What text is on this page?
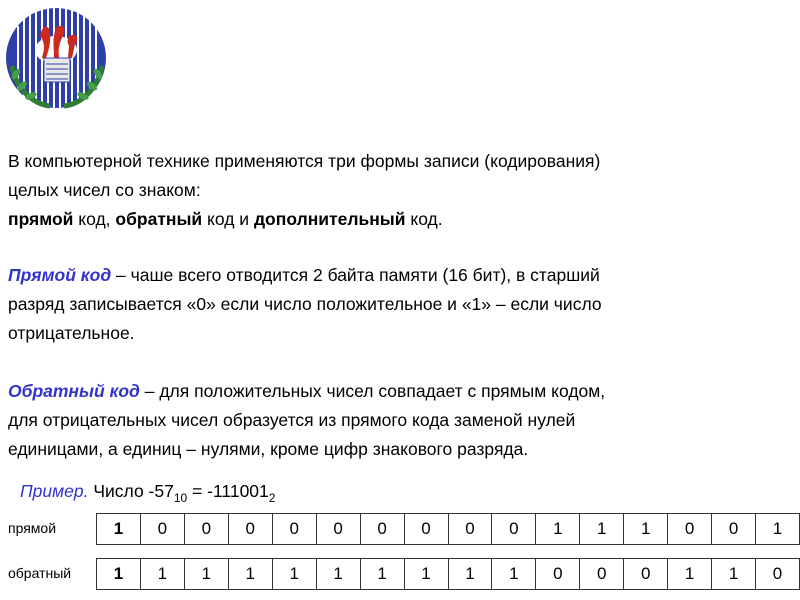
В компьютерной технике применяются три формы записи (кодирования)
целых чисел со знаком:
прямой код, обратный код и дополнительный код.
Прямой код – чаше всего отводится 2 байта памяти (16 бит), в старший
разряд записывается «0» если число положительное и «1» – если число
отрицательное.
Обратный код – для положительных чисел совпадает с прямым кодом,
для отрицательных чисел образуется из прямого кода заменой нулей
единицами, а единиц – нулями, кроме цифр знакового разряда.
Пример. Число $-57_{10} = -111001_2$
прямой	1	0	0	0	0	0	0	0	0	0	1	1	1	0	0	1
обратный	1	1	1	1	1	1	1	1	1	1	0	0	0	1	1	0
